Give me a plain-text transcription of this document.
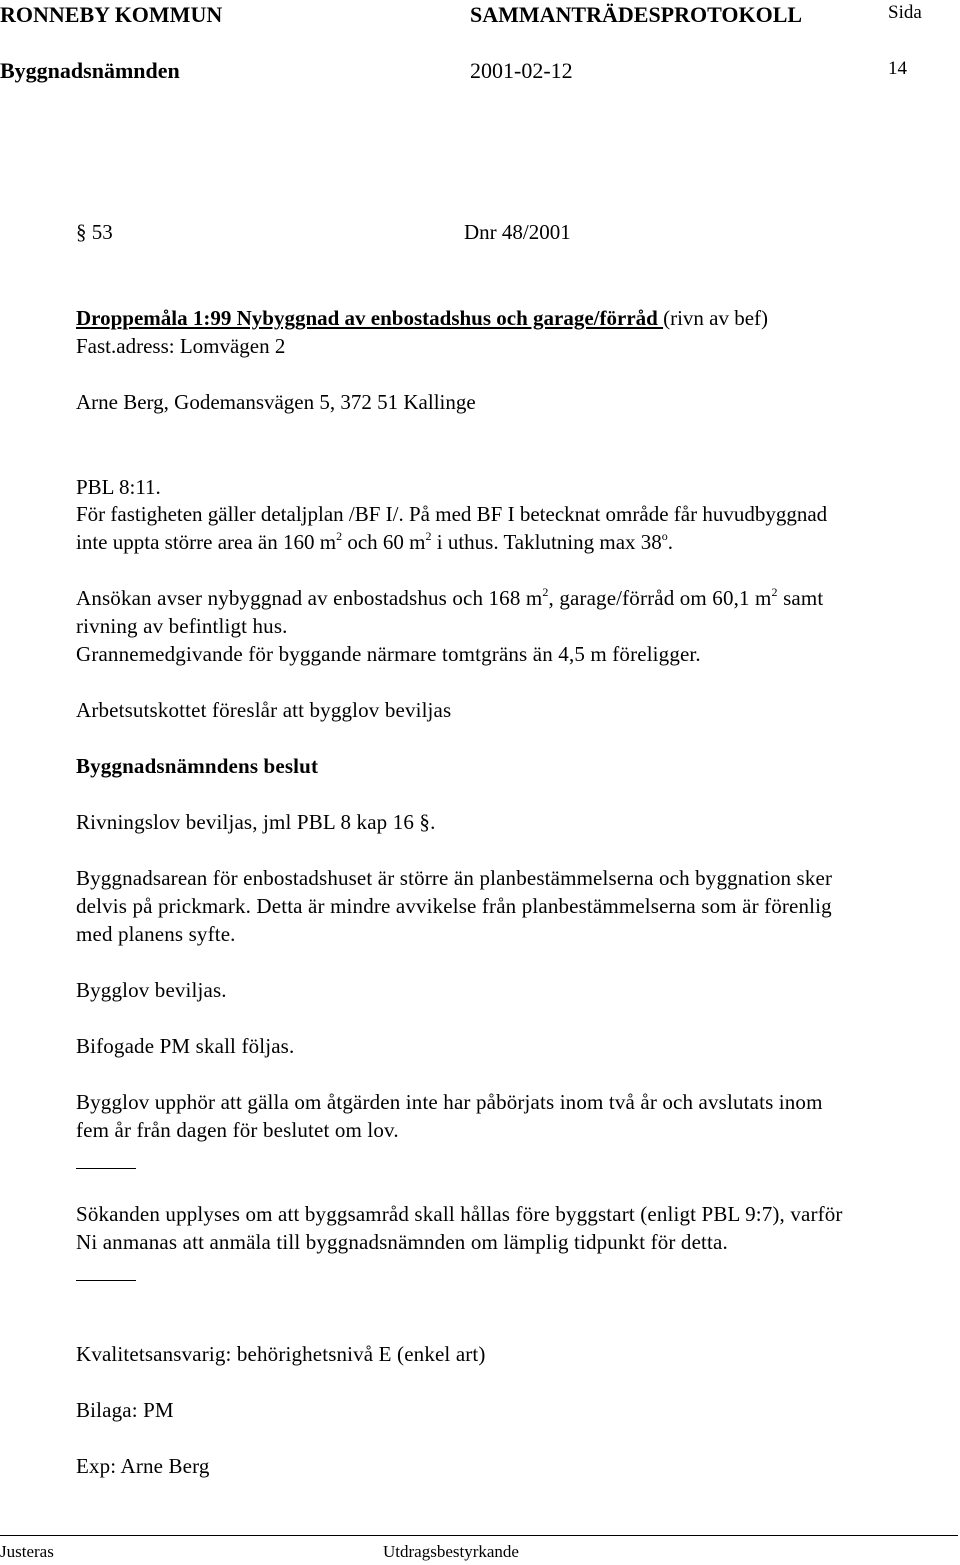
RONNEBY KOMMUN	SAMMANTRÄDESPROTOKOLL	Sida
Byggnadsnämnden	2001-02-12	14
§ 53	Dnr 48/2001
Droppemåla 1:99 Nybyggnad av enbostadshus och garage/förråd (rivn av bef)
Fast.adress: Lomvägen 2
Arne Berg, Godemansvägen 5, 372 51 Kallinge
PBL 8:11.
För fastigheten gäller detaljplan /BF I/. På med BF I betecknat område får huvudbyggnad
inte uppta större area än 160 $m^2$ och 60 $m^2$ i uthus. Taklutning max 38$^o$.
Ansökan avser nybyggnad av enbostadshus och 168 $m^2$, garage/förråd om 60,1 $m^2$ samt
rivning av befintligt hus.
Grannemedgivande för byggande närmare tomtgräns än 4,5 m föreligger.
Arbetsutskottet föreslår att bygglov beviljas
Byggnadsnämndens beslut
Rivningslov beviljas, jml PBL 8 kap 16 §.
Byggnadsarean för enbostadshuset är större än planbestämmelserna och byggnation sker
delvis på prickmark. Detta är mindre avvikelse från planbestämmelserna som är förenlig
med planens syfte.
Bygglov beviljas.
Bifogade PM skall följas.
Bygglov upphör att gälla om åtgärden inte har påbörjats inom två år och avslutats inom
fem år från dagen för beslutet om lov.
Sökanden upplyses om att byggsamråd skall hållas före byggstart (enligt PBL 9:7), varför
Ni anmanas att anmäla till byggnadsnämnden om lämplig tidpunkt för detta.
Kvalitetsansvarig: behörighetsnivå E (enkel art)
Bilaga: PM
Exp: Arne Berg
Justeras	Utdragsbestyrkande
